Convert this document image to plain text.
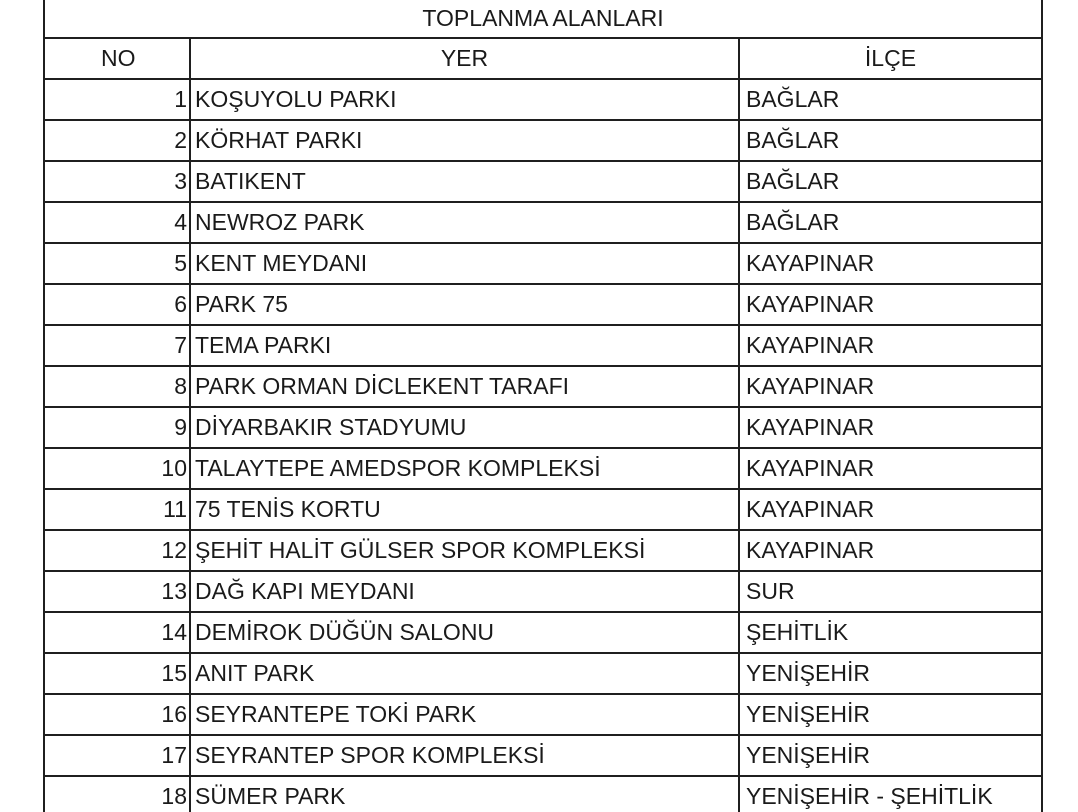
TOPLANMA ALANLARI		
NO	YER	İLÇE
1	KOŞUYOLU PARKI	BAĞLAR
2	KÖRHAT PARKI	BAĞLAR
3	BATIKENT	BAĞLAR
4	NEWROZ PARK	BAĞLAR
5	KENT MEYDANI	KAYAPINAR
6	PARK 75	KAYAPINAR
7	TEMA PARKI	KAYAPINAR
8	PARK ORMAN DİCLEKENT TARAFI	KAYAPINAR
9	DİYARBAKIR STADYUMU	KAYAPINAR
10	TALAYTEPE AMEDSPOR KOMPLEKSİ	KAYAPINAR
11	75 TENİS KORTU	KAYAPINAR
12	ŞEHİT HALİT GÜLSER SPOR KOMPLEKSİ	KAYAPINAR
13	DAĞ KAPI MEYDANI	SUR
14	DEMİROK DÜĞÜN SALONU	ŞEHİTLİK
15	ANIT PARK	YENİŞEHİR
16	SEYRANTEPE TOKİ PARK	YENİŞEHİR
17	SEYRANTEP SPOR KOMPLEKSİ	YENİŞEHİR
18	SÜMER PARK	YENİŞEHİR - ŞEHİTLİK
